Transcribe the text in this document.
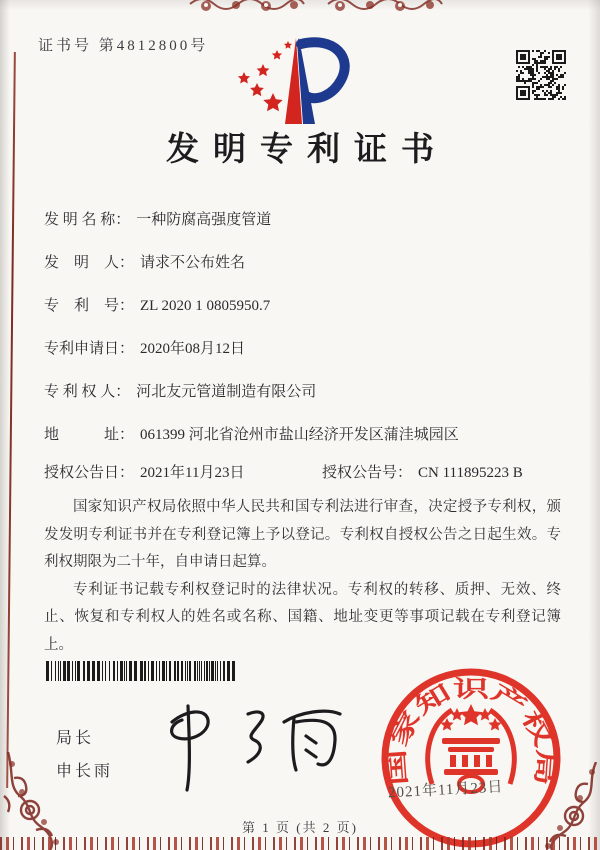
证书号 第4812800号
发明专利证书
发 明 名 称： 一种防腐高强度管道
发　明　人： 请求不公布姓名
专　利　号： ZL 2020 1 0805950.7
专利申请日： 2020年08月12日
专 利 权 人： 河北友元管道制造有限公司
地　　　址： 061399 河北省沧州市盐山经济开发区蒲洼城园区
授权公告日： 2021年11月23日	授权公告号： CN 111895223 B

国家知识产权局依照中华人民共和国专利法进行审查，决定授予专利权，颁发发明专利证书并在专利登记簿上予以登记。专利权自授权公告之日起生效。专利权期限为二十年，自申请日起算。

专利证书记载专利权登记时的法律状况。专利权的转移、质押、无效、终止、恢复和专利权人的姓名或名称、国籍、地址变更等事项记载在专利登记簿上。

局长
申长雨	国家知识产权局
2021年11月23日
第 1 页 (共 2 页)
